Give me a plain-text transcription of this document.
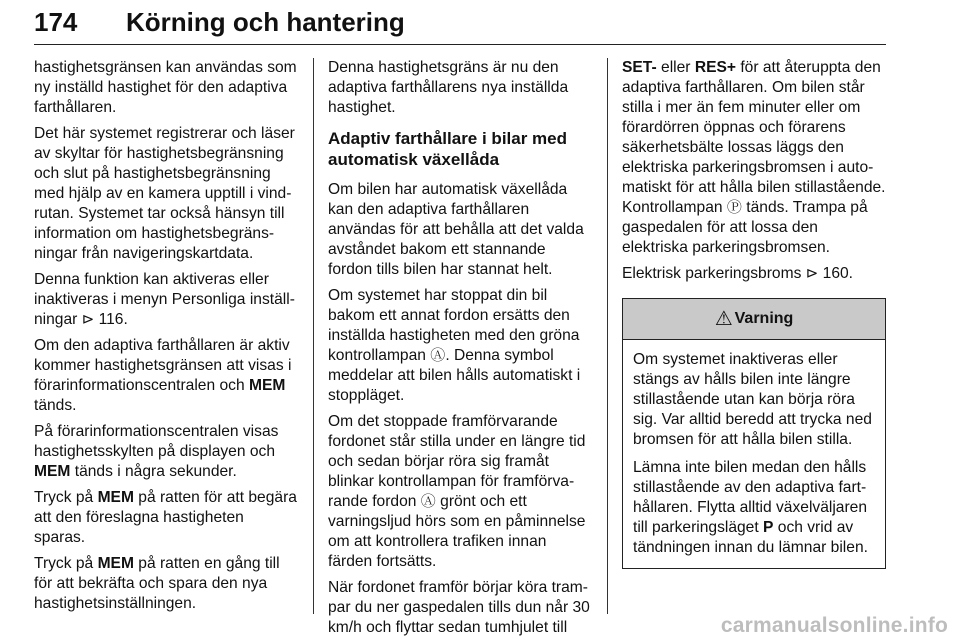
174 Körning och hantering

hastighetsgränsen kan användas som ny inställd hastighet för den adaptiva farthållaren.

Det här systemet registrerar och läser av skyltar för hastighetsbegränsning och slut på hastighetsbegränsning med hjälp av en kamera upptill i vindrutan. Systemet tar också hänsyn till information om hastighetsbegränsningar från navigeringskartdata.

Denna funktion kan aktiveras eller inaktiveras i menyn Personliga inställningar ⊳ 116.

Om den adaptiva farthållaren är aktiv kommer hastighetsgränsen att visas i förarinformationscentralen och MEM tänds.

På förarinformationscentralen visas hastighetsskylten på displayen och MEM tänds i några sekunder.

Tryck på MEM på ratten för att begära att den föreslagna hastigheten sparas.

Tryck på MEM på ratten en gång till för att bekräfta och spara den nya hastighetsinställningen.

Denna hastighetsgräns är nu den adaptiva farthållarens nya inställda hastighet.

Adaptiv farthållare i bilar med automatisk växellåda

Om bilen har automatisk växellåda kan den adaptiva farthållaren användas för att behålla att det valda avståndet bakom ett stannande fordon tills bilen har stannat helt.

Om systemet har stoppat din bil bakom ett annat fordon ersätts den inställda hastigheten med den gröna kontrollampan Ⓐ. Denna symbol meddelar att bilen hålls automatiskt i stoppläget.

Om det stoppade framförvarande fordonet står stilla under en längre tid och sedan börjar röra sig framåt blinkar kontrollampan för framförvarande fordon Ⓐ grönt och ett varningsljud hörs som en påminnelse om att kontrollera trafiken innan färden fortsätts.

När fordonet framför börjar köra trampar du ner gaspedalen tills dun når 30 km/h och flyttar sedan tumhjulet till

SET- eller RES+ för att återuppta den adaptiva farthållaren. Om bilen står stilla i mer än fem minuter eller om förardörren öppnas och förarens säkerhetsbälte lossas läggs den elektriska parkeringsbromsen i automatiskt för att hålla bilen stillastående. Kontrollampan Ⓟ tänds. Trampa på gaspedalen för att lossa den elektriska parkeringsbromsen.

Elektrisk parkeringsbroms ⊳ 160.

⚠ Varning

Om systemet inaktiveras eller stängs av hålls bilen inte längre stillastående utan kan börja röra sig. Var alltid beredd att trycka ned bromsen för att hålla bilen stilla.

Lämna inte bilen medan den hålls stillastående av den adaptiva farthållaren. Flytta alltid växelväljaren till parkeringsläget P och vrid av tändningen innan du lämnar bilen.

carmanualsonline.info
